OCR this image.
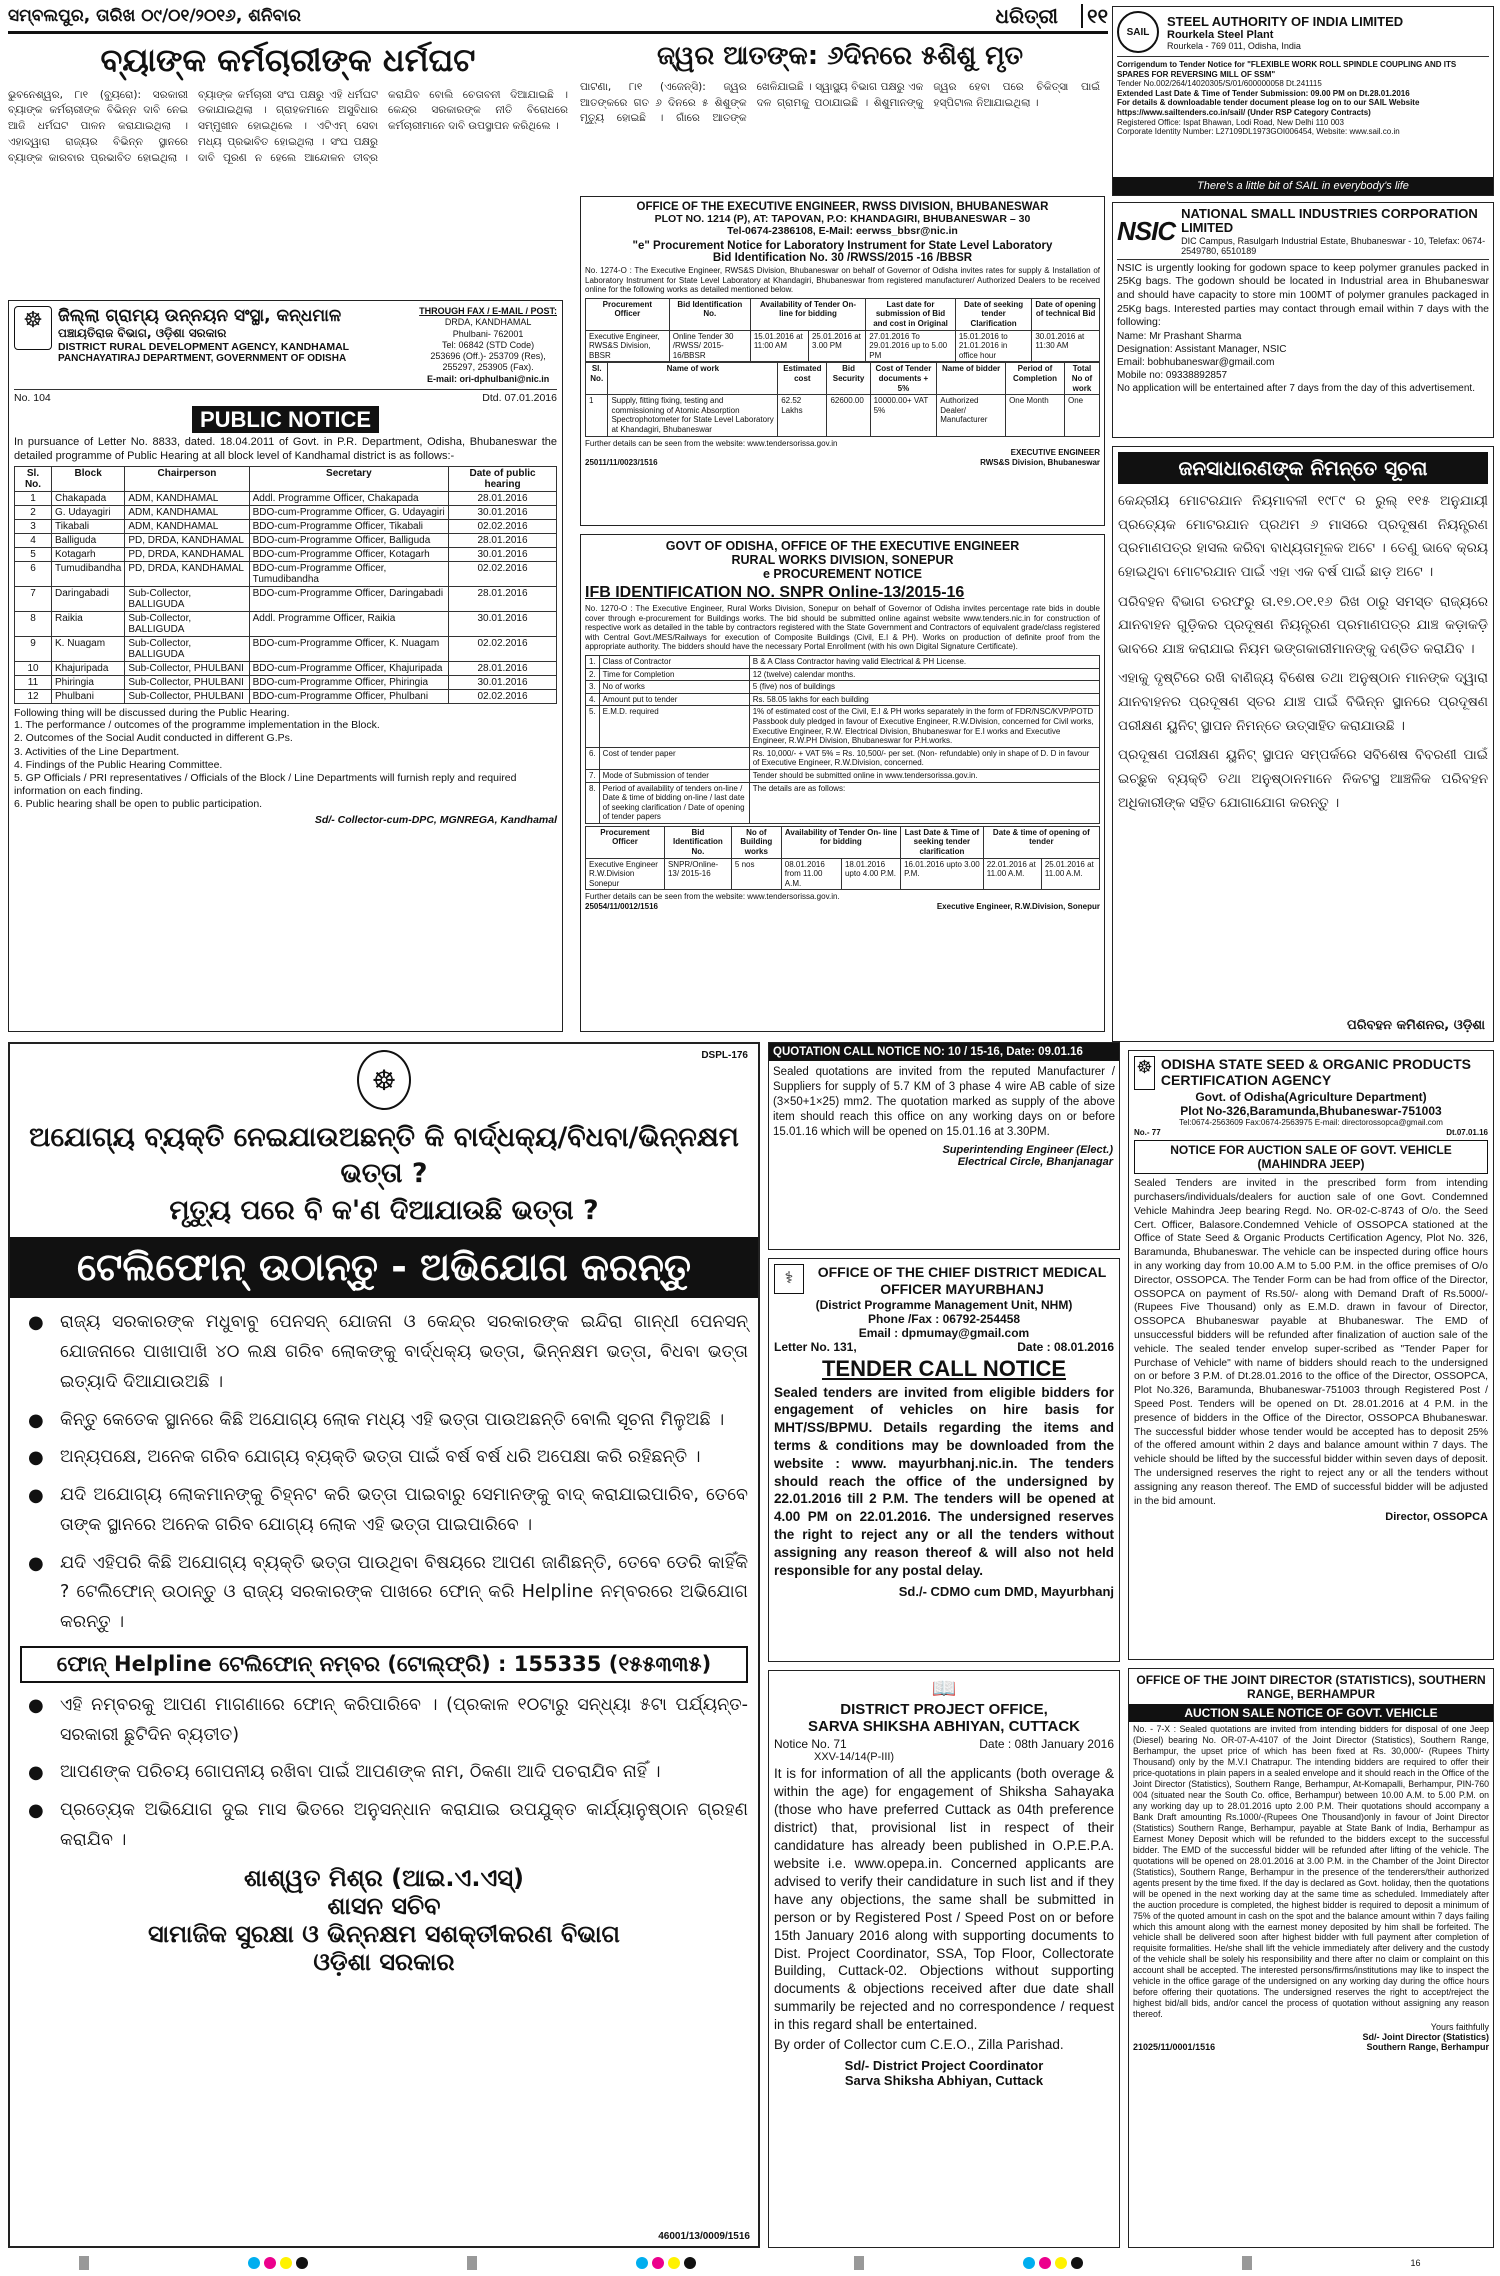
ସମ୍ବଲପୁର, ତାରିଖ ୦୯/୦୧/୨୦୧୬, ଶନିବାର	ଧରିତ୍ରୀ	୧୧
ବ୍ୟାଙ୍କ କର୍ମଚାରୀଙ୍କ ଧର୍ମଘଟ
ଭୁବନେଶ୍ୱର, ୮ା୧ (ବ୍ୟୁରୋ): ସରକାରୀ ବ୍ୟାଙ୍କ କର୍ମଚାରୀଙ୍କ ବିଭିନ୍ନ ଦାବି ନେଇ ଆଜି ଧର୍ମଘଟ ପାଳନ କରାଯାଇଥିଲା । ଏହାଦ୍ୱାରା ରାଜ୍ୟର ବିଭିନ୍ନ ସ୍ଥାନରେ ବ୍ୟାଙ୍କ କାରବାର ପ୍ରଭାବିତ ହୋଇଥିଲା । ବ୍ୟାଙ୍କ କର୍ମଚାରୀ ସଂଘ ପକ୍ଷରୁ ଏହି ଧର୍ମଘଟ ଡକାଯାଇଥିଲା । ଗ୍ରାହକମାନେ ଅସୁବିଧାର ସମ୍ମୁଖୀନ ହୋଇଥିଲେ । ଏଟିଏମ୍ ସେବା ମଧ୍ୟ ପ୍ରଭାବିତ ହୋଇଥିଲା । ସଂଘ ପକ୍ଷରୁ ଦାବି ପୂରଣ ନ ହେଲେ ଆନ୍ଦୋଳନ ତୀବ୍ର କରାଯିବ ବୋଲି ଚେତାବନୀ ଦିଆଯାଇଛି । କେନ୍ଦ୍ର ସରକାରଙ୍କ ନୀତି ବିରୋଧରେ କର୍ମଚାରୀମାନେ ଦାବି ଉପସ୍ଥାପନ କରିଥିଲେ ।
ଜ୍ୱର ଆତଙ୍କ: ୬ଦିନରେ ୫ଶିଶୁ ମୃତ
ପାଟଣା, ୮ା୧ (ଏଜେନ୍ସି): ଜ୍ୱର ଆତଙ୍କରେ ଗତ ୬ ଦିନରେ ୫ ଶିଶୁଙ୍କ ମୃତ୍ୟୁ ହୋଇଛି । ଗାଁରେ ଆତଙ୍କ ଖେଳିଯାଇଛି । ସ୍ୱାସ୍ଥ୍ୟ ବିଭାଗ ପକ୍ଷରୁ ଏକ ଦଳ ଗ୍ରାମକୁ ପଠାଯାଇଛି । ଶିଶୁମାନଙ୍କୁ ଜ୍ୱର ହେବା ପରେ ଚିକିତ୍ସା ପାଇଁ ହସ୍ପିଟାଲ ନିଆଯାଇଥିଲା ।
SAIL
STEEL AUTHORITY OF INDIA LIMITED
Rourkela Steel Plant
Rourkela - 769 011, Odisha, India
Corrigendum to Tender Notice for "FLEXIBLE WORK ROLL SPINDLE COUPLING AND ITS SPARES FOR REVERSING MILL OF SSM"
Tender No.002/264/14020305/S/01/600000058 Dt.241115
Extended Last Date & Time of Tender Submission: 09.00 PM on Dt.28.01.2016
For details & downloadable tender document please log on to our SAIL Website https://www.sailtenders.co.in/sail/ (Under RSP Category Contracts)
Registered Office: Ispat Bhawan, Lodi Road, New Delhi 110 003
Corporate Identity Number: L27109DL1973GOI006454, Website: www.sail.co.in
There's a little bit of SAIL in everybody's life
NSIC
NATIONAL SMALL INDUSTRIES CORPORATION LIMITED
DIC Campus, Rasulgarh Industrial Estate, Bhubaneswar - 10, Telefax: 0674-2549780, 6510189
NSIC is urgently looking for godown space to keep polymer granules packed in 25Kg bags. The godown should be located in Industrial area in Bhubaneswar and should have capacity to store min 100MT of polymer granules packaged in 25Kg bags. Interested parties may contact through email within 7 days with the following:
Name: Mr Prashant Sharma
Designation: Assistant Manager, NSIC
Email: bobhubaneswar@gmail.com
Mobile no: 09338892857
No application will be entertained after 7 days from the day of this advertisement.
☸ ଜିଲ୍ଲା ଗ୍ରାମ୍ୟ ଉନ୍ନୟନ ସଂସ୍ଥା, କନ୍ଧମାଳ
ପଞ୍ଚାୟତିରାଜ ବିଭାଗ, ଓଡ଼ିଶା ସରକାର
DISTRICT RURAL DEVELOPMENT AGENCY, KANDHAMAL
PANCHAYATIRAJ DEPARTMENT, GOVERNMENT OF ODISHA
THROUGH FAX / E-MAIL / POST:
DRDA, KANDHAMAL
Phulbani- 762001
Tel: 06842 (STD Code)
253696 (Off.)- 253709 (Res),
255297, 253905 (Fax).
E-mail: ori-dphulbani@nic.in
No. 104	Dtd. 07.01.2016
PUBLIC NOTICE
In pursuance of Letter No. 8833, dated. 18.04.2011 of Govt. in P.R. Department, Odisha, Bhubaneswar the detailed programme of Public Hearing at all block level of Kandhamal district is as follows:-
Sl. No.	Block	Chairperson	Secretary	Date of public hearing
1	Chakapada	ADM, KANDHAMAL	Addl. Programme Officer, Chakapada	28.01.2016
2	G. Udayagiri	ADM, KANDHAMAL	BDO-cum-Programme Officer, G. Udayagiri	30.01.2016
3	Tikabali	ADM, KANDHAMAL	BDO-cum-Programme Officer, Tikabali	02.02.2016
4	Balliguda	PD, DRDA, KANDHAMAL	BDO-cum-Programme Officer, Balliguda	28.01.2016
5	Kotagarh	PD, DRDA, KANDHAMAL	BDO-cum-Programme Officer, Kotagarh	30.01.2016
6	Tumudibandha	PD, DRDA, KANDHAMAL	BDO-cum-Programme Officer, Tumudibandha	02.02.2016
7	Daringabadi	Sub-Collector, BALLIGUDA	BDO-cum-Programme Officer, Daringabadi	28.01.2016
8	Raikia	Sub-Collector, BALLIGUDA	Addl. Programme Officer, Raikia	30.01.2016
9	K. Nuagam	Sub-Collector, BALLIGUDA	BDO-cum-Programme Officer, K. Nuagam	02.02.2016
10	Khajuripada	Sub-Collector, PHULBANI	BDO-cum-Programme Officer, Khajuripada	28.01.2016
11	Phiringia	Sub-Collector, PHULBANI	BDO-cum-Programme Officer, Phiringia	30.01.2016
12	Phulbani	Sub-Collector, PHULBANI	BDO-cum-Programme Officer, Phulbani	02.02.2016
Following thing will be discussed during the Public Hearing.
1. The performance / outcomes of the programme implementation in the Block.
2. Outcomes of the Social Audit conducted in different G.Ps.
3. Activities of the Line Department.
4. Findings of the Public Hearing Committee.
5. GP Officials / PRI representatives / Officials of the Block / Line Departments will furnish reply and required information on each finding.
6. Public hearing shall be open to public participation.
Sd/- Collector-cum-DPC, MGNREGA, Kandhamal
OFFICE OF THE EXECUTIVE ENGINEER, RWSS DIVISION, BHUBANESWAR
PLOT NO. 1214 (P), AT: TAPOVAN, P.O: KHANDAGIRI, BHUBANESWAR – 30
Tel-0674-2386108, E-Mail: eerwss_bbsr@nic.in
"e" Procurement Notice for Laboratory Instrument for State Level Laboratory
Bid Identification No. 30 /RWSS/2015 -16 /BBSR
No. 1274-O : The Executive Engineer, RWS&S Division, Bhubaneswar on behalf of Governor of Odisha invites rates for supply & Installation of Laboratory Instrument for State Level Laboratory at Khandagiri, Bhubaneswar from registered manufacturer/ Authorized Dealers to be received online for the following works as detailed mentioned below.
Procurement Officer	Bid Identification No.	Availability of Tender On- line for bidding		Last date for submission of Bid and cost in Original	Date of seeking tender Clarification	Date of opening of technical Bid
Executive Engineer, RWS&S Division, BBSR	Online Tender 30 /RWSS/ 2015-16/BBSR	15.01.2016 at 11:00 AM	25.01.2016 at 3.00 PM	27.01.2016 To 29.01.2016 up to 5.00 PM	15.01.2016 to 21.01.2016 in office hour	30.01.2016 at 11:30 AM
Sl. No.	Name of work	Estimated cost	Bid Security	Cost of Tender documents + 5%	Name of bidder	Period of Completion	Total No of work
1	Supply, fitting fixing, testing and commissioning of Atomic Absorption Spectrophotometer for State Level Laboratory at Khandagiri, Bhubaneswar	62.52 Lakhs	62600.00	10000.00+ VAT 5%	Authorized Dealer/ Manufacturer	One Month	One
Further details can be seen from the website: www.tendersorissa.gov.in
EXECUTIVE ENGINEER
25011/11/0023/1516	RWS&S Division, Bhubaneswar
GOVT OF ODISHA, OFFICE OF THE EXECUTIVE ENGINEER
RURAL WORKS DIVISION, SONEPUR
e PROCUREMENT NOTICE
IFB IDENTIFICATION NO. SNPR Online-13/2015-16
No. 1270-O : The Executive Engineer, Rural Works Division, Sonepur on behalf of Governor of Odisha invites percentage rate bids in double cover through e-procurement for Buildings works. The bid should be submitted online against website www.tenders.nic.in for construction of respective work as detailed in the table by contractors registered with the State Government and Contractors of equivalent grade/class registered with Central Govt./MES/Railways for execution of Composite Buildings (Civil, E.I & PH). Works on production of definite proof from the appropriate authority. The bidders should have the necessary Portal Enrollment (with his own Digital Signature Certificate).
1.	Class of Contractor	B & A Class Contractor having valid Electrical & PH License.
2.	Time for Completion	12 (twelve) calendar months.
3.	No of works	5 (five) nos of buildings
4.	Amount put to tender	Rs. 58.05 lakhs for each building
5.	E.M.D. required	1% of estimated cost of the Civil, E.I & PH works separately in the form of FDR/NSC/KVP/POTD Passbook duly pledged in favour of Executive Engineer, R.W.Division, concerned for Civil works, Executive Engineer, R.W. Electrical Division, Bhubaneswar for E.I works and Executive Engineer, R.W.PH Division, Bhubaneswar for P.H.works.
6.	Cost of tender paper	Rs. 10,000/- + VAT 5% = Rs. 10,500/- per set. (Non- refundable) only in shape of D. D in favour of Executive Engineer, R.W.Division, concerned.
7.	Mode of Submission of tender	Tender should be submitted online in www.tendersorissa.gov.in.
8.	Period of availability of tenders on-line / Date & time of bidding on-line / last date of seeking clarification / Date of opening of tender papers	The details are as follows:
Procurement Officer	Bid Identification No.	No of Building works	Availability of Tender On- line for bidding		Last Date & Time of seeking tender clarification	Date & time of opening of tender	
Executive Engineer R.W.Division Sonepur	SNPR/Online-13/ 2015-16	5 nos	08.01.2016 from 11.00 A.M.	18.01.2016 upto 4.00 P.M.	16.01.2016 upto 3.00 P.M.	22.01.2016 at 11.00 A.M.	25.01.2016 at 11.00 A.M.
Further details can be seen from the website: www.tendersorissa.gov.in.
25054/11/0012/1516	Executive Engineer, R.W.Division, Sonepur
ଜନସାଧାରଣଙ୍କ ନିମନ୍ତେ ସୂଚନା

କେନ୍ଦ୍ରୀୟ ମୋଟରଯାନ ନିୟମାବଳୀ ୧୯୮୯ ର ରୁଲ୍ ୧୧୫ ଅନୁଯାୟୀ ପ୍ରତ୍ୟେକ ମୋଟରଯାନ ପ୍ରଥମ ୬ ମାସରେ ପ୍ରଦୂଷଣ ନିୟନ୍ତ୍ରଣ ପ୍ରମାଣପତ୍ର ହାସଲ କରିବା ବାଧ୍ୟତାମୂଳକ ଅଟେ । ତେଣୁ ଭାବେ କ୍ରୟ ହୋଇଥିବା ମୋଟରଯାନ ପାଇଁ ଏହା ଏକ ବର୍ଷ ପାଇଁ ଛାଡ଼ ଅଟେ ।

ପରିବହନ ବିଭାଗ ତରଫରୁ ତା.୧୭.୦୧.୧୬ ରିଖ ଠାରୁ ସମସ୍ତ ରାଜ୍ୟରେ ଯାନବାହନ ଗୁଡ଼ିକର ପ୍ରଦୂଷଣ ନିୟନ୍ତ୍ରଣ ପ୍ରମାଣପତ୍ର ଯାଞ୍ଚ କଡ଼ାକଡ଼ି ଭାବରେ ଯାଞ୍ଚ କରାଯାଇ ନିୟମ ଭଙ୍ଗକାରୀମାନଙ୍କୁ ଦଣ୍ଡିତ କରାଯିବ ।

ଏହାକୁ ଦୃଷ୍ଟିରେ ରଖି ବାଣିଜ୍ୟ ବିଶେଷ ତଥା ଅନୁଷ୍ଠାନ ମାନଙ୍କ ଦ୍ୱାରା ଯାନବାହନର ପ୍ରଦୂଷଣ ସ୍ତର ଯାଞ୍ଚ ପାଇଁ ବିଭିନ୍ନ ସ୍ଥାନରେ ପ୍ରଦୂଷଣ ପରୀକ୍ଷଣ ୟୁନିଟ୍ ସ୍ଥାପନ ନିମନ୍ତେ ଉତ୍ସାହିତ କରାଯାଉଛି ।

ପ୍ରଦୂଷଣ ପରୀକ୍ଷଣ ୟୁନିଟ୍ ସ୍ଥାପନ ସମ୍ପର୍କରେ ସବିଶେଷ ବିବରଣୀ ପାଇଁ ଇଚ୍ଛୁକ ବ୍ୟକ୍ତି ତଥା ଅନୁଷ୍ଠାନମାନେ ନିକଟସ୍ଥ ଆଞ୍ଚଳିକ ପରିବହନ ଅଧିକାରୀଙ୍କ ସହିତ ଯୋଗାଯୋଗ କରନ୍ତୁ ।

ପରିବହନ କମିଶନର, ଓଡ଼ିଶା
☸
DSPL-176
ଅଯୋଗ୍ୟ ବ୍ୟକ୍ତି ନେଇଯାଉଅଛନ୍ତି କି ବାର୍ଦ୍ଧକ୍ୟ/ବିଧବା/ଭିନ୍ନକ୍ଷମ ଭତ୍ତା ?
ମୃତ୍ୟୁ ପରେ ବି କ'ଣ ଦିଆଯାଉଛି ଭତ୍ତା ?
ଟେଲିଫୋନ୍ ଉଠାନ୍ତୁ - ଅଭିଯୋଗ କରନ୍ତୁ
● ରାଜ୍ୟ ସରକାରଙ୍କ ମଧୁବାବୁ ପେନସନ୍ ଯୋଜନା ଓ କେନ୍ଦ୍ର ସରକାରଙ୍କ ଇନ୍ଦିରା ଗାନ୍ଧୀ ପେନସନ୍ ଯୋଜନାରେ ପାଖାପାଖି ୪୦ ଲକ୍ଷ ଗରିବ ଲୋକଙ୍କୁ ବାର୍ଦ୍ଧକ୍ୟ ଭତ୍ତା, ଭିନ୍ନକ୍ଷମ ଭତ୍ତା, ବିଧବା ଭତ୍ତା ଇତ୍ୟାଦି ଦିଆଯାଉଅଛି ।
● କିନ୍ତୁ କେତେକ ସ୍ଥାନରେ କିଛି ଅଯୋଗ୍ୟ ଲୋକ ମଧ୍ୟ ଏହି ଭତ୍ତା ପାଉଅଛନ୍ତି ବୋଲି ସୂଚନା ମିଳୁଅଛି ।
● ଅନ୍ୟପକ୍ଷେ, ଅନେକ ଗରିବ ଯୋଗ୍ୟ ବ୍ୟକ୍ତି ଭତ୍ତା ପାଇଁ ବର୍ଷ ବର୍ଷ ଧରି ଅପେକ୍ଷା କରି ରହିଛନ୍ତି ।
● ଯଦି ଅଯୋଗ୍ୟ ଲୋକମାନଙ୍କୁ ଚିହ୍ନଟ କରି ଭତ୍ତା ପାଇବାରୁ ସେମାନଙ୍କୁ ବାଦ୍ କରାଯାଇପାରିବ, ତେବେ ତାଙ୍କ ସ୍ଥାନରେ ଅନେକ ଗରିବ ଯୋଗ୍ୟ ଲୋକ ଏହି ଭତ୍ତା ପାଇପାରିବେ ।
● ଯଦି ଏହିପରି କିଛି ଅଯୋଗ୍ୟ ବ୍ୟକ୍ତି ଭତ୍ତା ପାଉଥିବା ବିଷୟରେ ଆପଣ ଜାଣିଛନ୍ତି, ତେବେ ଡେରି କାହିଁକି ? ଟେଲିଫୋନ୍ ଉଠାନ୍ତୁ ଓ ରାଜ୍ୟ ସରକାରଙ୍କ ପାଖରେ ଫୋନ୍ କରି Helpline ନମ୍ବରରେ ଅଭିଯୋଗ କରନ୍ତୁ ।
ଫୋନ୍ Helpline ଟେଲିଫୋନ୍ ନମ୍ବର (ଟୋଲ୍‌ଫ୍ରି) : 155335 (୧୫୫୩୩୫)
● ଏହି ନମ୍ବରକୁ ଆପଣ ମାଗଣାରେ ଫୋନ୍ କରିପାରିବେ । (ପ୍ରକାଳ ୧୦ଟାରୁ ସନ୍ଧ୍ୟା ୫ଟା ପର୍ଯ୍ୟନ୍ତ-ସରକାରୀ ଛୁଟିଦିନ ବ୍ୟତୀତ)
● ଆପଣଙ୍କ ପରିଚୟ ଗୋପନୀୟ ରଖିବା ପାଇଁ ଆପଣଙ୍କ ନାମ, ଠିକଣା ଆଦି ପଚରାଯିବ ନାହିଁ ।
● ପ୍ରତ୍ୟେକ ଅଭିଯୋଗ ଦୁଇ ମାସ ଭିତରେ ଅନୁସନ୍ଧାନ କରାଯାଇ ଉପଯୁକ୍ତ କାର୍ଯ୍ୟାନୁଷ୍ଠାନ ଗ୍ରହଣ କରାଯିବ ।
ଶାଶ୍ୱତ ମିଶ୍ର (ଆଇ.ଏ.ଏସ୍)
ଶାସନ ସଚିବ
ସାମାଜିକ ସୁରକ୍ଷା ଓ ଭିନ୍ନକ୍ଷମ ସଶକ୍ତୀକରଣ ବିଭାଗ
ଓଡ଼ିଶା ସରକାର
46001/13/0009/1516
QUOTATION CALL NOTICE NO: 10 / 15-16, Date: 09.01.16
Sealed quotations are invited from the reputed Manufacturer / Suppliers for supply of 5.7 KM of 3 phase 4 wire AB cable of size (3×50+1×25) mm2. The quotation marked as supply of the above item should reach this office on any working days on or before 15.01.16 which will be opened on 15.01.16 at 3.30PM.
Superintending Engineer (Elect.)
Electrical Circle, Bhanjanagar
⚕	OFFICE OF THE CHIEF DISTRICT MEDICAL OFFICER MAYURBHANJ
(District Programme Management Unit, NHM)
Phone /Fax : 06792-254458
Email : dpmumay@gmail.com
Letter No. 131,	Date : 08.01.2016
TENDER CALL NOTICE
Sealed tenders are invited from eligible bidders for engagement of vehicles on hire basis for MHT/SS/BPMU. Details regarding the items and terms & conditions may be downloaded from the website : www. mayurbhanj.nic.in. The tenders should reach the office of the undersigned by 22.01.2016 till 2 P.M. The tenders will be opened at 4.00 PM on 22.01.2016. The undersigned reserves the right to reject any or all the tenders without assigning any reason thereof & will also not held responsible for any postal delay.
Sd./- CDMO cum DMD, Mayurbhanj
📖
DISTRICT PROJECT OFFICE,
SARVA SHIKSHA ABHIYAN, CUTTACK
Notice No. 71	Date : 08th January 2016
XXV-14/14(P-III)
It is for information of all the applicants (both overage & within the age) for engagement of Shiksha Sahayaka (those who have preferred Cuttack as 04th preference district) that, provisional list in respect of their candidature has already been published in O.P.E.P.A. website i.e. www.opepa.in. Concerned applicants are advised to verify their candidature in such list and if they have any objections, the same shall be submitted in person or by Registered Post / Speed Post on or before 15th January 2016 along with supporting documents to Dist. Project Coordinator, SSA, Top Floor, Collectorate Building, Cuttack-02. Objections without supporting documents & objections received after due date shall summarily be rejected and no correspondence / request in this regard shall be entertained.
By order of Collector cum C.E.O., Zilla Parishad.
Sd/- District Project Coordinator
Sarva Shiksha Abhiyan, Cuttack
☸ ODISHA STATE SEED & ORGANIC PRODUCTS CERTIFICATION AGENCY
Govt. of Odisha(Agriculture Department)
Plot No-326,Baramunda,Bhubaneswar-751003
Tel:0674-2563609 Fax:0674-2563975 E-mail: directorossopca@gmail.com
No.- 77	Dt.07.01.16
NOTICE FOR AUCTION SALE OF GOVT. VEHICLE (MAHINDRA JEEP)
Sealed Tenders are invited in the prescribed form from intending purchasers/individuals/dealers for auction sale of one Govt. Condemned Vehicle Mahindra Jeep bearing Regd. No. OR-02-C-8743 of O/o. the Seed Cert. Officer, Balasore.Condemned Vehicle of OSSOPCA stationed at the Office of State Seed & Organic Products Certification Agency, Plot No. 326, Baramunda, Bhubaneswar. The vehicle can be inspected during office hours in any working day from 10.00 A.M to 5.00 P.M. in the office premises of O/o Director, OSSOPCA. The Tender Form can be had from office of the Director, OSSOPCA on payment of Rs.50/- along with Demand Draft of Rs.5000/- (Rupees Five Thousand) only as E.M.D. drawn in favour of Director, OSSOPCA Bhubaneswar payable at Bhubaneswar. The EMD of unsuccessful bidders will be refunded after finalization of auction sale of the vehicle. The sealed tender envelop super-scribed as "Tender Paper for Purchase of Vehicle" with name of bidders should reach to the undersigned on or before 3 P.M. of Dt.28.01.2016 to the office of the Director, OSSOPCA, Plot No.326, Baramunda, Bhubaneswar-751003 through Registered Post / Speed Post. Tenders will be opened on Dt. 28.01.2016 at 4 P.M. in the presence of bidders in the Office of the Director, OSSOPCA Bhubaneswar. The successful bidder whose tender would be accepted has to deposit 25% of the offered amount within 2 days and balance amount within 7 days. The vehicle should be lifted by the successful bidder within seven days of deposit. The undersigned reserves the right to reject any or all the tenders without assigning any reason thereof. The EMD of successful bidder will be adjusted in the bid amount.
Director, OSSOPCA
OFFICE OF THE JOINT DIRECTOR (STATISTICS), SOUTHERN RANGE, BERHAMPUR
AUCTION SALE NOTICE OF GOVT. VEHICLE
No. - 7-X : Sealed quotations are invited from intending bidders for disposal of one Jeep (Diesel) bearing No. OR-07-A-4107 of the Joint Director (Statistics), Southern Range, Berhampur, the upset price of which has been fixed at Rs. 30,000/- (Rupees Thirty Thousand) only by the M.V.I Chatrapur. The intending bidders are required to offer their price-quotations in plain papers in a sealed envelope and it should reach in the Office of the Joint Director (Statistics), Southern Range, Berhampur, At-Komapalli, Berhampur, PIN-760 004 (situated near the South Co. office, Berhampur) between 10.00 A.M. to 5.00 P.M. on any working day up to 28.01.2016 upto 2.00 P.M. Their quotations should accompany a Bank Draft amounting Rs.1000/-(Rupees One Thousand)only in favour of Joint Director (Statistics) Southern Range, Berhampur, payable at State Bank of India, Berhampur as Earnest Money Deposit which will be refunded to the bidders except to the successful bidder. The EMD of the successful bidder will be refunded after lifting of the vehicle. The quotations will be opened on 28.01.2016 at 3.00 P.M. in the Chamber of the Joint Director (Statistics), Southern Range, Berhampur in the presence of the tenderers/their authorized agents present by the time fixed. If the day is declared as Govt. holiday, then the quotations will be opened in the next working day at the same time as scheduled. Immediately after the auction procedure is completed, the highest bidder is required to deposit a minimum of 75% of the quoted amount in cash on the spot and the balance amount within 7 days failing which this amount along with the earnest money deposited by him shall be forfeited. The vehicle shall be delivered soon after highest bidder with full payment after completion of requisite formalities. He/she shall lift the vehicle immediately after delivery and the custody of the vehicle shall be solely his responsibility and there after no claim or complaint on this account shall be accepted. The interested persons/firms/institutions may like to inspect the vehicle in the office garage of the undersigned on any working day during the office hours before offering their quotations. The undersigned reserves the right to accept/reject the highest bid/all bids, and/or cancel the process of quotation without assigning any reason thereof.
Yours faithfully
Sd/- Joint Director (Statistics)
21025/11/0001/1516	Southern Range, Berhampur
16
